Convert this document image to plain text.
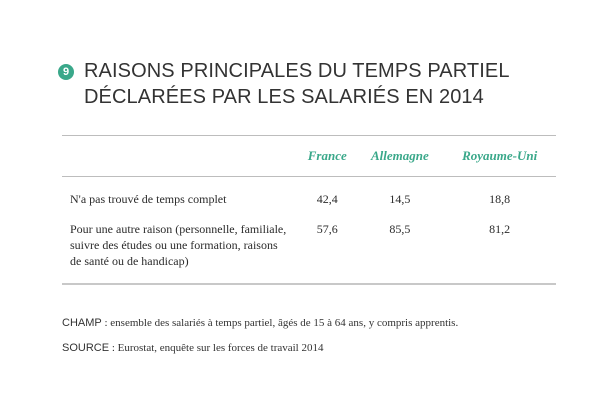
9 RAISONS PRINCIPALES DU TEMPS PARTIEL
DÉCLARÉES PAR LES SALARIÉS EN 2014
	France	Allemagne	Royaume-Uni
N'a pas trouvé de temps complet	42,4	14,5	18,8
Pour une autre raison (personnelle, familiale, suivre des études ou une formation, raisons de santé ou de handicap)	57,6	85,5	81,2

CHAMP : ensemble des salariés à temps partiel, âgés de 15 à 64 ans, y compris apprentis.

SOURCE : Eurostat, enquête sur les forces de travail 2014
